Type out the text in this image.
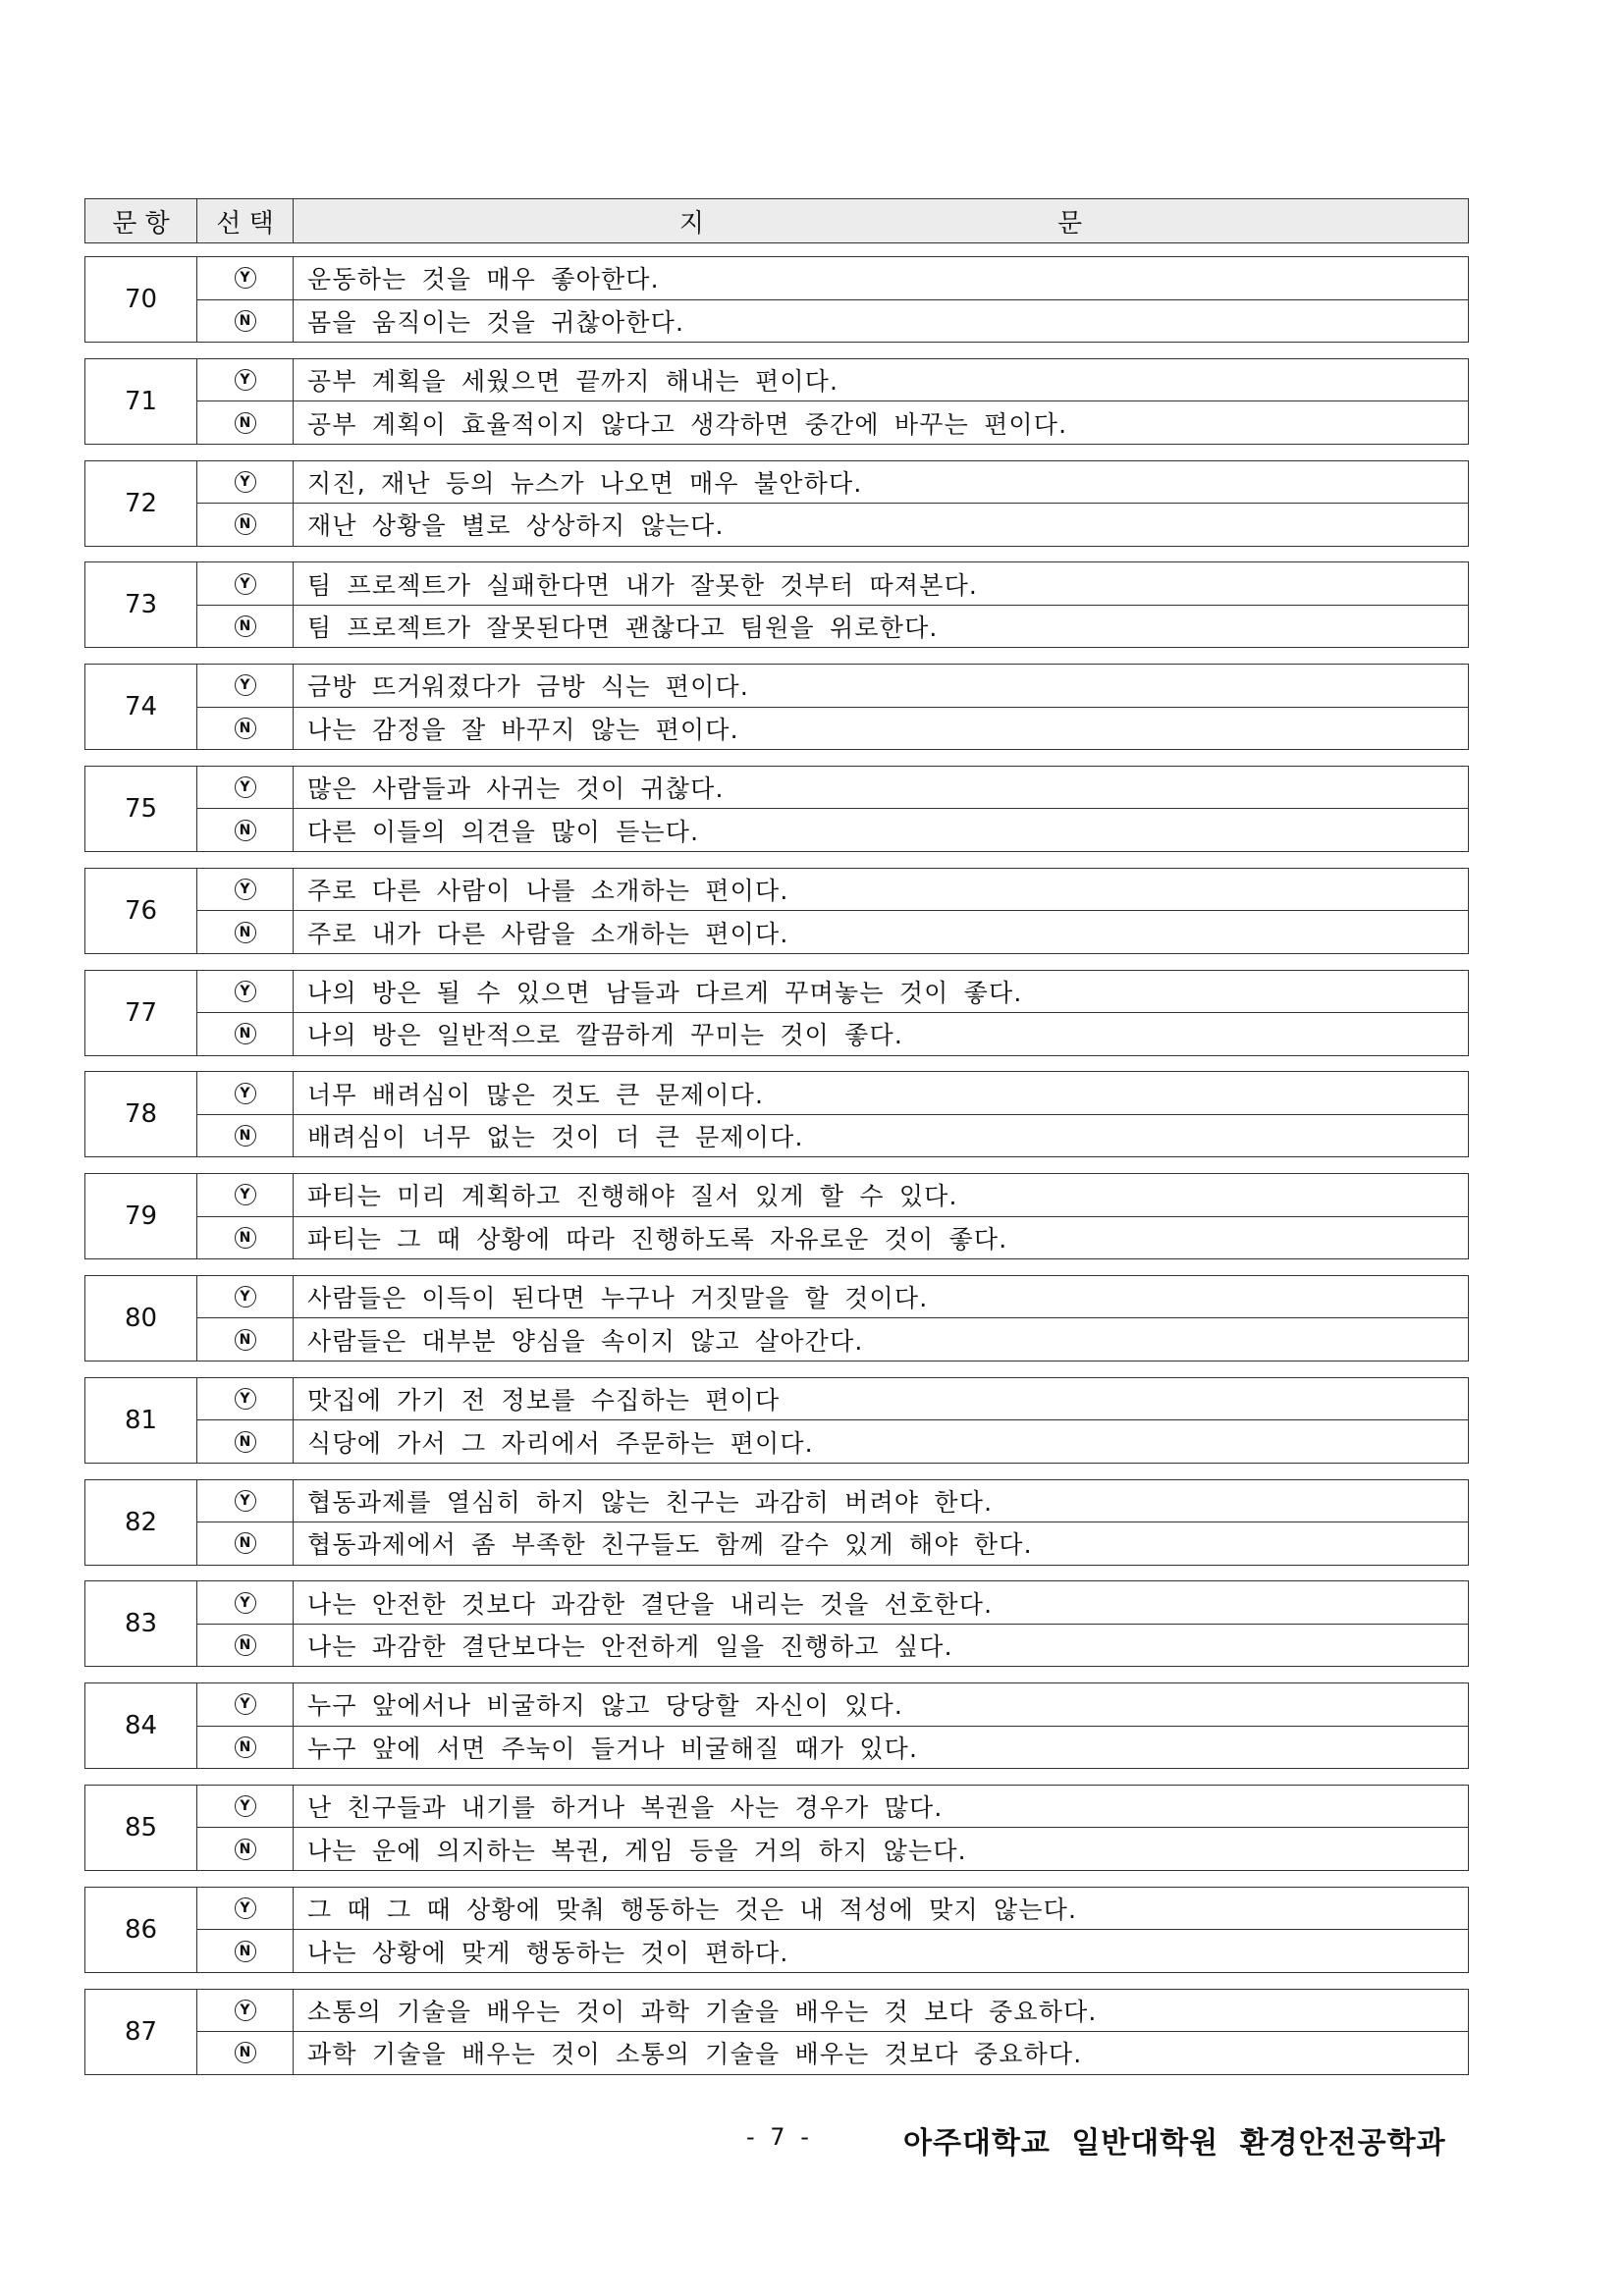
문 항	선 택	지	문
70
Y	운동하는 것을 매우 좋아한다.
N	몸을 움직이는 것을 귀찮아한다.
71
Y	공부 계획을 세웠으면 끝까지 해내는 편이다.
N	공부 계획이 효율적이지 않다고 생각하면 중간에 바꾸는 편이다.
72
Y	지진, 재난 등의 뉴스가 나오면 매우 불안하다.
N	재난 상황을 별로 상상하지 않는다.
73
Y	팀 프로젝트가 실패한다면 내가 잘못한 것부터 따져본다.
N	팀 프로젝트가 잘못된다면 괜찮다고 팀원을 위로한다.
74
Y	금방 뜨거워졌다가 금방 식는 편이다.
N	나는 감정을 잘 바꾸지 않는 편이다.
75
Y	많은 사람들과 사귀는 것이 귀찮다.
N	다른 이들의 의견을 많이 듣는다.
76
Y	주로 다른 사람이 나를 소개하는 편이다.
N	주로 내가 다른 사람을 소개하는 편이다.
77
Y	나의 방은 될 수 있으면 남들과 다르게 꾸며놓는 것이 좋다.
N	나의 방은 일반적으로 깔끔하게 꾸미는 것이 좋다.
78
Y	너무 배려심이 많은 것도 큰 문제이다.
N	배려심이 너무 없는 것이 더 큰 문제이다.
79
Y	파티는 미리 계획하고 진행해야 질서 있게 할 수 있다.
N	파티는 그 때 상황에 따라 진행하도록 자유로운 것이 좋다.
80
Y	사람들은 이득이 된다면 누구나 거짓말을 할 것이다.
N	사람들은 대부분 양심을 속이지 않고 살아간다.
81
Y	맛집에 가기 전 정보를 수집하는 편이다
N	식당에 가서 그 자리에서 주문하는 편이다.
82
Y	협동과제를 열심히 하지 않는 친구는 과감히 버려야 한다.
N	협동과제에서 좀 부족한 친구들도 함께 갈수 있게 해야 한다.
83
Y	나는 안전한 것보다 과감한 결단을 내리는 것을 선호한다.
N	나는 과감한 결단보다는 안전하게 일을 진행하고 싶다.
84
Y	누구 앞에서나 비굴하지 않고 당당할 자신이 있다.
N	누구 앞에 서면 주눅이 들거나 비굴해질 때가 있다.
85
Y	난 친구들과 내기를 하거나 복권을 사는 경우가 많다.
N	나는 운에 의지하는 복권, 게임 등을 거의 하지 않는다.
86
Y	그 때 그 때 상황에 맞춰 행동하는 것은 내 적성에 맞지 않는다.
N	나는 상황에 맞게 행동하는 것이 편하다.
87
Y	소통의 기술을 배우는 것이 과학 기술을 배우는 것 보다 중요하다.
N	과학 기술을 배우는 것이 소통의 기술을 배우는 것보다 중요하다.
- 7 -	아주대학교 일반대학원 환경안전공학과
